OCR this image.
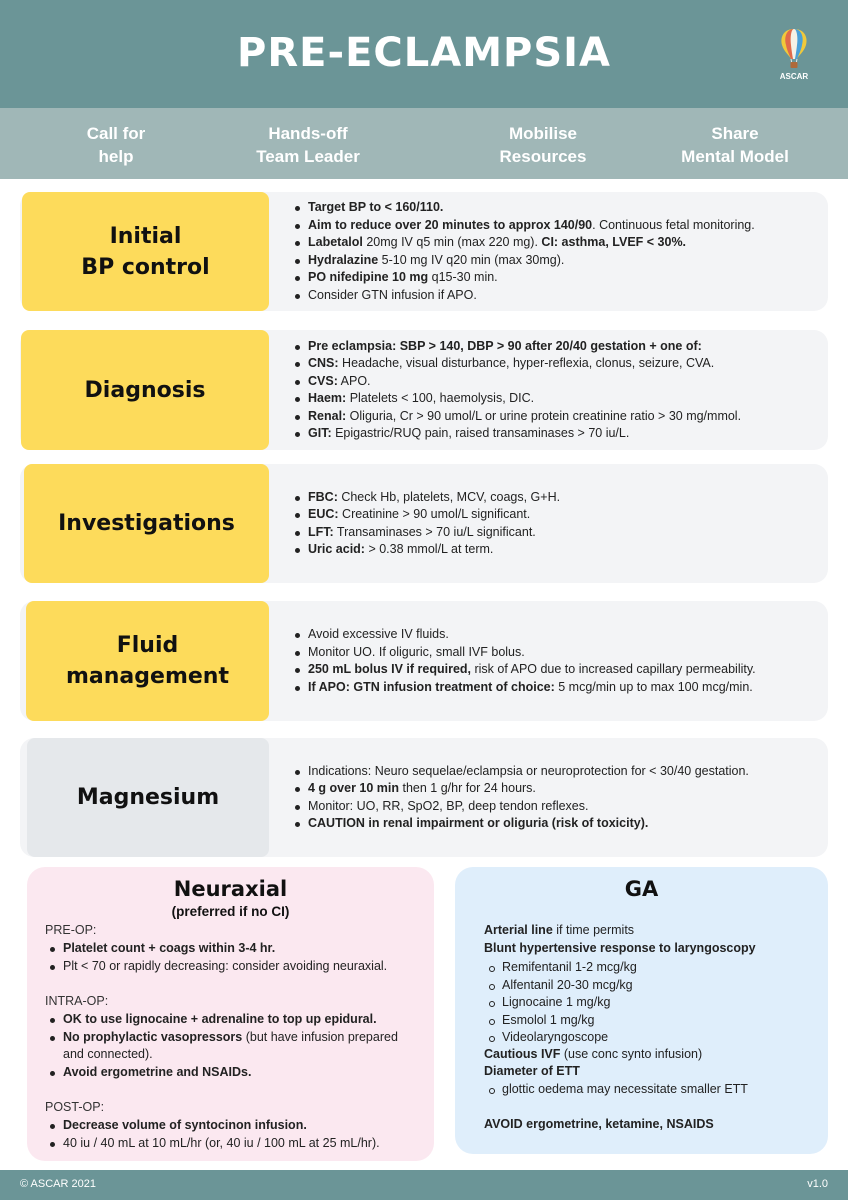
PRE-ECLAMPSIA
ASCAR
Call for
help
Hands-off
Team Leader
Mobilise
Resources
Share
Mental Model
Initial
BP control
Target BP to < 160/110.
Aim to reduce over 20 minutes to approx 140/90. Continuous fetal monitoring.
Labetalol 20mg IV q5 min (max 220 mg). CI: asthma, LVEF < 30%.
Hydralazine 5-10 mg IV q20 min (max 30mg).
PO nifedipine 10 mg q15-30 min.
Consider GTN infusion if APO.
Diagnosis
Pre eclampsia: SBP > 140, DBP > 90 after 20/40 gestation + one of:
CNS: Headache, visual disturbance, hyper-reflexia, clonus, seizure, CVA.
CVS: APO.
Haem: Platelets < 100, haemolysis, DIC.
Renal: Oliguria, Cr > 90 umol/L or urine protein creatinine ratio > 30 mg/mmol.
GIT: Epigastric/RUQ pain, raised transaminases > 70 iu/L.
Investigations
FBC: Check Hb, platelets, MCV, coags, G+H.
EUC: Creatinine > 90 umol/L significant.
LFT: Transaminases > 70 iu/L significant.
Uric acid: > 0.38 mmol/L at term.
Fluid
management
Avoid excessive IV fluids.
Monitor UO. If oliguric, small IVF bolus.
250 mL bolus IV if required, risk of APO due to increased capillary permeability.
If APO: GTN infusion treatment of choice: 5 mcg/min up to max 100 mcg/min.
Magnesium
Indications: Neuro sequelae/eclampsia or neuroprotection for < 30/40 gestation.
4 g over 10 min then 1 g/hr for 24 hours.
Monitor: UO, RR, SpO2, BP, deep tendon reflexes.
CAUTION in renal impairment or oliguria (risk of toxicity).
Neuraxial
(preferred if no CI)
PRE-OP:
Platelet count + coags within 3-4 hr.
Plt < 70 or rapidly decreasing: consider avoiding neuraxial.
INTRA-OP:
OK to use lignocaine + adrenaline to top up epidural.
No prophylactic vasopressors (but have infusion prepared and connected).
Avoid ergometrine and NSAIDs.
POST-OP:
Decrease volume of syntocinon infusion.
40 iu / 40 mL at 10 mL/hr (or, 40 iu / 100 mL at 25 mL/hr).
GA
Arterial line if time permits
Blunt hypertensive response to laryngoscopy
Remifentanil 1-2 mcg/kg
Alfentanil 20-30 mcg/kg
Lignocaine 1 mg/kg
Esmolol 1 mg/kg
Videolaryngoscope
Cautious IVF (use conc synto infusion)
Diameter of ETT
glottic oedema may necessitate smaller ETT
AVOID ergometrine, ketamine, NSAIDS
© ASCAR 2021	v1.0
